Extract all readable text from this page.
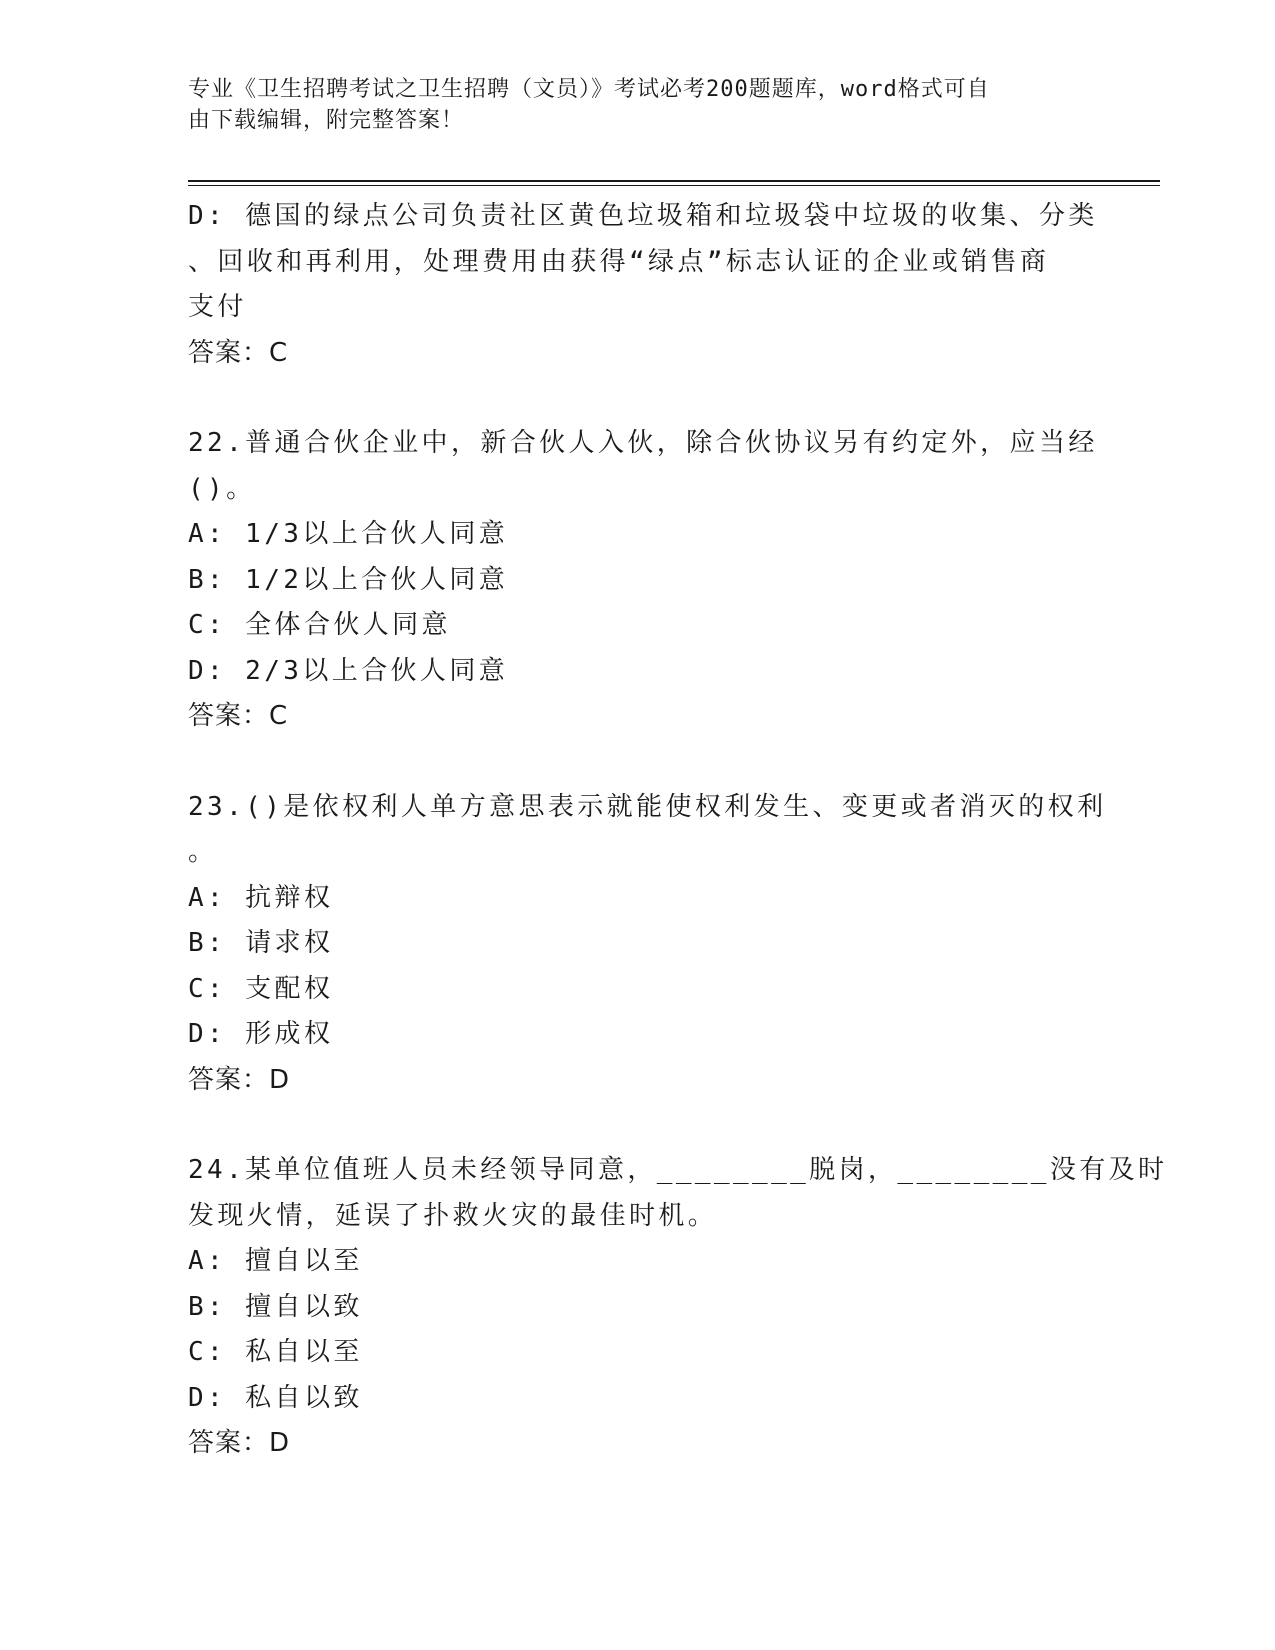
专业《卫生招聘考试之卫生招聘（文员）》考试必考200题题库，word格式可自
由下载编辑，附完整答案！
D: 德国的绿点公司负责社区黄色垃圾箱和垃圾袋中垃圾的收集、分类
、回收和再利用，处理费用由获得“绿点”标志认证的企业或销售商
支付
答案：C
22.普通合伙企业中，新合伙人入伙，除合伙协议另有约定外，应当经
()。
A: 1/3以上合伙人同意
B: 1/2以上合伙人同意
C: 全体合伙人同意
D: 2/3以上合伙人同意
答案：C
23.()是依权利人单方意思表示就能使权利发生、变更或者消灭的权利
。
A: 抗辩权
B: 请求权
C: 支配权
D: 形成权
答案：D
24.某单位值班人员未经领导同意，________脱岗，________没有及时
发现火情，延误了扑救火灾的最佳时机。
A: 擅自以至
B: 擅自以致
C: 私自以至
D: 私自以致
答案：D
